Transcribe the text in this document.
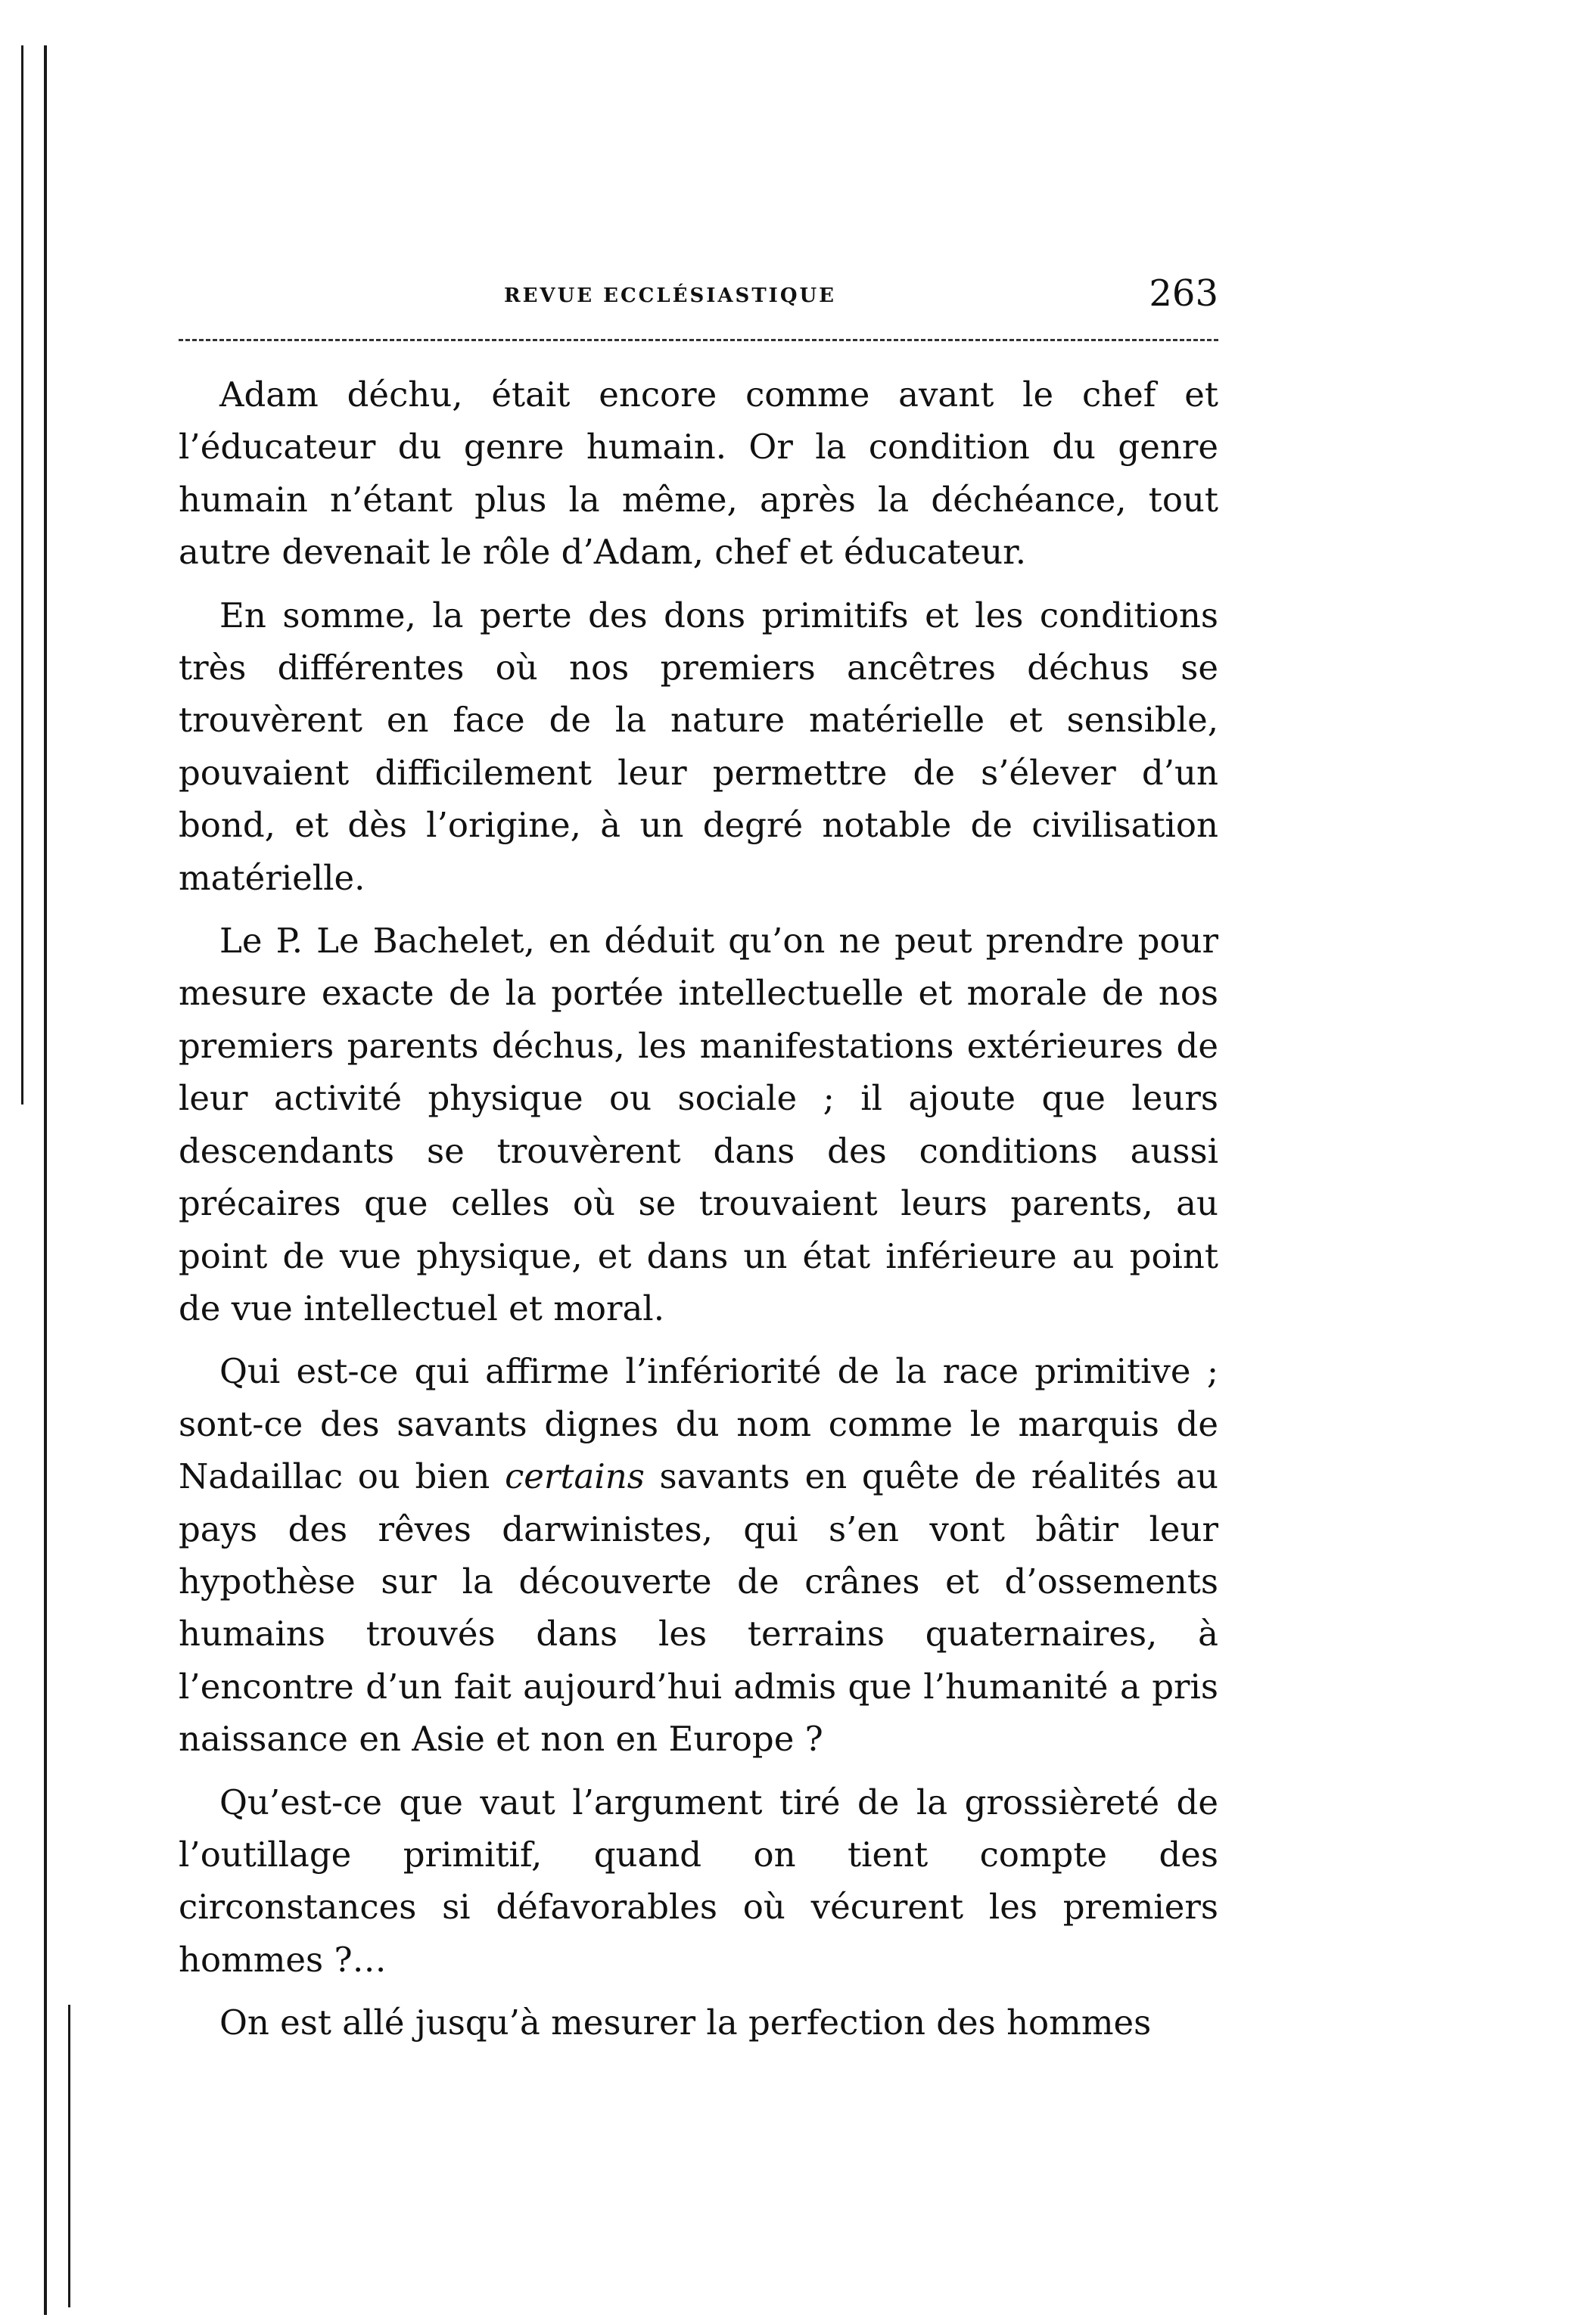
REVUE ECCLÉSIASTIQUE	263

Adam déchu, était encore comme avant le chef et l’éducateur du genre humain. Or la condition du genre humain n’étant plus la même, après la déchéance, tout autre devenait le rôle d’Adam, chef et éducateur.

En somme, la perte des dons primitifs et les conditions très différentes où nos premiers ancêtres déchus se trouvèrent en face de la nature matérielle et sensible, pouvaient difficilement leur permettre de s’élever d’un bond, et dès l’origine, à un degré notable de civilisation matérielle.

Le P. Le Bachelet, en déduit qu’on ne peut prendre pour mesure exacte de la portée intellectuelle et morale de nos premiers parents déchus, les manifestations extérieures de leur activité physique ou sociale ; il ajoute que leurs descendants se trouvèrent dans des conditions aussi précaires que celles où se trouvaient leurs parents, au point de vue physique, et dans un état inférieure au point de vue intellectuel et moral.

Qui est-ce qui affirme l’infériorité de la race primitive ; sont-ce des savants dignes du nom comme le marquis de Nadaillac ou bien certains savants en quête de réalités au pays des rêves darwinistes, qui s’en vont bâtir leur hypothèse sur la découverte de crânes et d’ossements humains trouvés dans les terrains quaternaires, à l’encontre d’un fait aujourd’hui admis que l’humanité a pris naissance en Asie et non en Europe ?

Qu’est-ce que vaut l’argument tiré de la grossièreté de l’outillage primitif, quand on tient compte des circonstances si défavorables où vécurent les premiers hommes ?…

On est allé jusqu’à mesurer la perfection des hommes
